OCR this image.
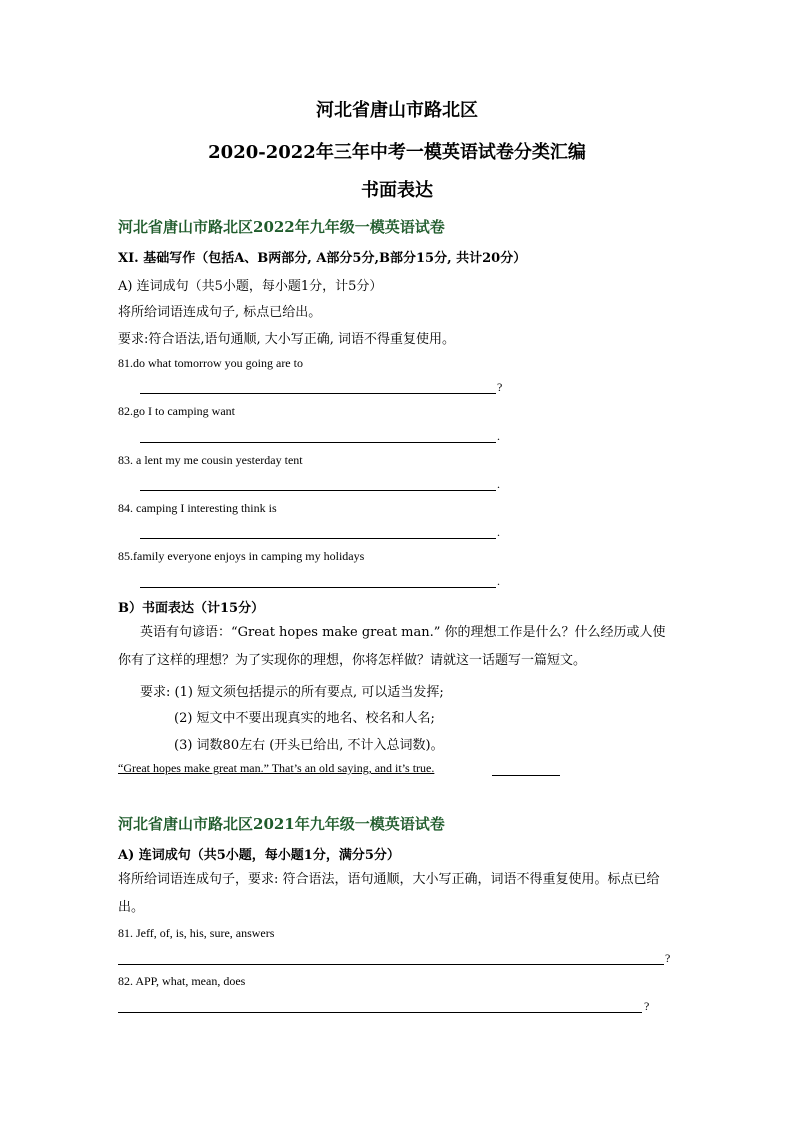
河北省唐山市路北区
2020-2022年三年中考一模英语试卷分类汇编
书面表达
河北省唐山市路北区2022年九年级一模英语试卷
XI. 基础写作（包括A、B两部分, A部分5分,B部分15分, 共计20分）
A) 连词成句（共5小题，每小题1分，计5分）
将所给词语连成句子, 标点已给出。
要求:符合语法,语句通顺, 大小写正确, 词语不得重复使用。
81.do what tomorrow you going are to
?
82.go I to camping want
.
83. a lent my me cousin yesterday tent
.
84. camping I interesting think is
.
85.family everyone enjoys in camping my holidays
.
B）书面表达（计15分）
英语有句谚语：“Great hopes make great man.” 你的理想工作是什么？什么经历或人使你有了这样的理想？为了实现你的理想，你将怎样做？请就这一话题写一篇短文。
要求: (1) 短文须包括提示的所有要点, 可以适当发挥;
(2) 短文中不要出现真实的地名、校名和人名;
(3) 词数80左右 (开头已给出, 不计入总词数)。
“Great hopes make great man.” That’s an old saying, and it’s true.
河北省唐山市路北区2021年九年级一模英语试卷
A) 连词成句（共5小题，每小题1分，满分5分）
将所给词语连成句子，要求: 符合语法，语句通顺，大小写正确，词语不得重复使用。标点已给出。
81. Jeff, of, is, his, sure, answers
?
82. APP, what, mean, does
?
